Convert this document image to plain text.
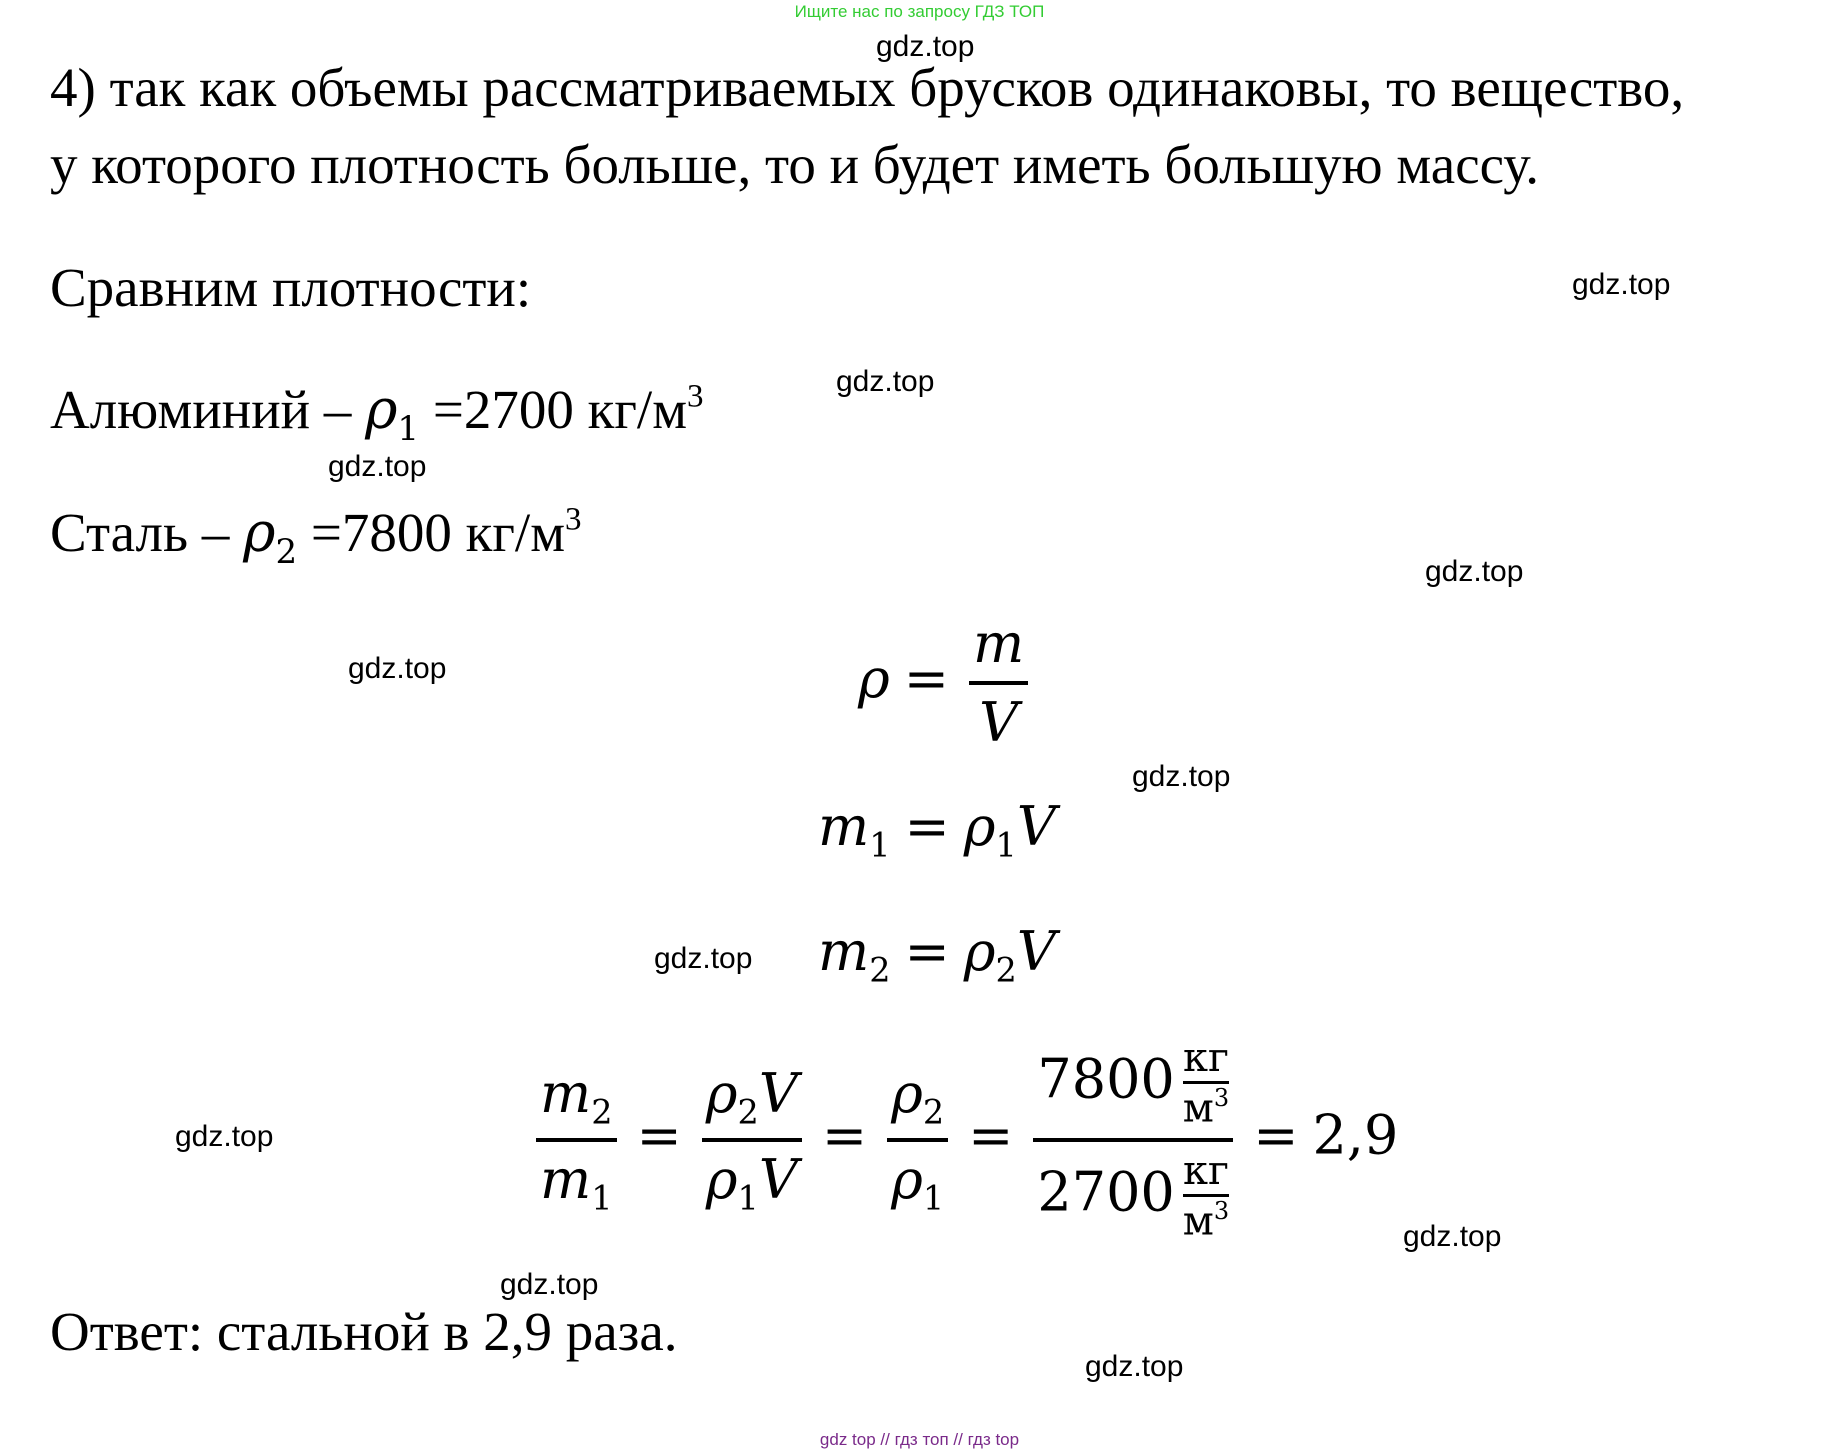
Ищите нас по запросу ГДЗ ТОП
gdz.top
gdz.top
gdz.top
gdz.top
gdz.top
gdz.top
gdz.top
gdz.top
gdz.top
gdz.top
gdz.top
gdz.top
4) так как объемы рассматриваемых брусков одинаковы, то вещество,
у которого плотность больше, то и будет иметь большую массу.
Сравним плотности:
Алюминий – $\rho_1 =2700$ $кг/м^3$
Сталь – $\rho_2 =7800$ $кг/м^3$
$\rho = \frac{m}{V}$
$m_1 = \rho_1V$
$m_2 = \rho_2V$
$\frac{m_2}{m_1} = \frac{\rho_2V}{\rho_1V} = \frac{\rho_2}{\rho_1} = 7800$ кг
$м^3$
2700 кг
$м^3 = 2,9$
Ответ: стальной в 2,9 раза.
gdz top // гдз топ // гдз top
